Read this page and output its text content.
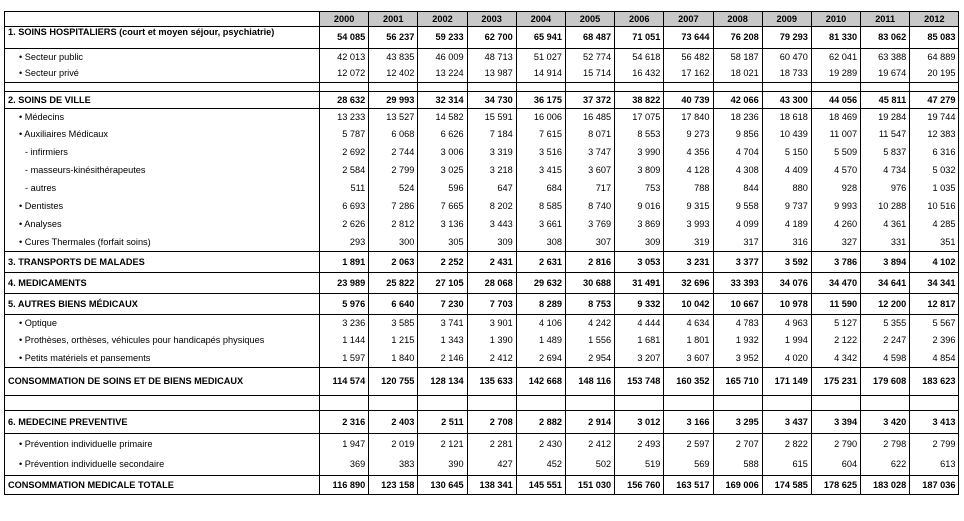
	2000	2001	2002	2003	2004	2005	2006	2007	2008	2009	2010	2011	2012
1. SOINS HOSPITALIERS (court et moyen séjour, psychiatrie)	54 085	56 237	59 233	62 700	65 941	68 487	71 051	73 644	76 208	79 293	81 330	83 062	85 083
• Secteur public	42 013	43 835	46 009	48 713	51 027	52 774	54 618	56 482	58 187	60 470	62 041	63 388	64 889
• Secteur privé	12 072	12 402	13 224	13 987	14 914	15 714	16 432	17 162	18 021	18 733	19 289	19 674	20 195

2. SOINS DE VILLE	28 632	29 993	32 314	34 730	36 175	37 372	38 822	40 739	42 066	43 300	44 056	45 811	47 279
• Médecins	13 233	13 527	14 582	15 591	16 006	16 485	17 075	17 840	18 236	18 618	18 469	19 284	19 744
• Auxiliaires Médicaux	5 787	6 068	6 626	7 184	7 615	8 071	8 553	9 273	9 856	10 439	11 007	11 547	12 383
- infirmiers	2 692	2 744	3 006	3 319	3 516	3 747	3 990	4 356	4 704	5 150	5 509	5 837	6 316
- masseurs-kinésithérapeutes	2 584	2 799	3 025	3 218	3 415	3 607	3 809	4 128	4 308	4 409	4 570	4 734	5 032
- autres	511	524	596	647	684	717	753	788	844	880	928	976	1 035
• Dentistes	6 693	7 286	7 665	8 202	8 585	8 740	9 016	9 315	9 558	9 737	9 993	10 288	10 516
• Analyses	2 626	2 812	3 136	3 443	3 661	3 769	3 869	3 993	4 099	4 189	4 260	4 361	4 285
• Cures Thermales (forfait soins)	293	300	305	309	308	307	309	319	317	316	327	331	351
3. TRANSPORTS DE MALADES	1 891	2 063	2 252	2 431	2 631	2 816	3 053	3 231	3 377	3 592	3 786	3 894	4 102
4. MEDICAMENTS	23 989	25 822	27 105	28 068	29 632	30 688	31 491	32 696	33 393	34 076	34 470	34 641	34 341
5. AUTRES BIENS MÉDICAUX	5 976	6 640	7 230	7 703	8 289	8 753	9 332	10 042	10 667	10 978	11 590	12 200	12 817
• Optique	3 236	3 585	3 741	3 901	4 106	4 242	4 444	4 634	4 783	4 963	5 127	5 355	5 567
• Prothèses, orthèses, véhicules pour handicapés physiques	1 144	1 215	1 343	1 390	1 489	1 556	1 681	1 801	1 932	1 994	2 122	2 247	2 396
• Petits matériels et pansements	1 597	1 840	2 146	2 412	2 694	2 954	3 207	3 607	3 952	4 020	4 342	4 598	4 854
CONSOMMATION DE SOINS ET DE BIENS MEDICAUX	114 574	120 755	128 134	135 633	142 668	148 116	153 748	160 352	165 710	171 149	175 231	179 608	183 623

6. MEDECINE PREVENTIVE	2 316	2 403	2 511	2 708	2 882	2 914	3 012	3 166	3 295	3 437	3 394	3 420	3 413
• Prévention individuelle primaire	1 947	2 019	2 121	2 281	2 430	2 412	2 493	2 597	2 707	2 822	2 790	2 798	2 799
• Prévention individuelle secondaire	369	383	390	427	452	502	519	569	588	615	604	622	613
CONSOMMATION MEDICALE TOTALE	116 890	123 158	130 645	138 341	145 551	151 030	156 760	163 517	169 006	174 585	178 625	183 028	187 036
